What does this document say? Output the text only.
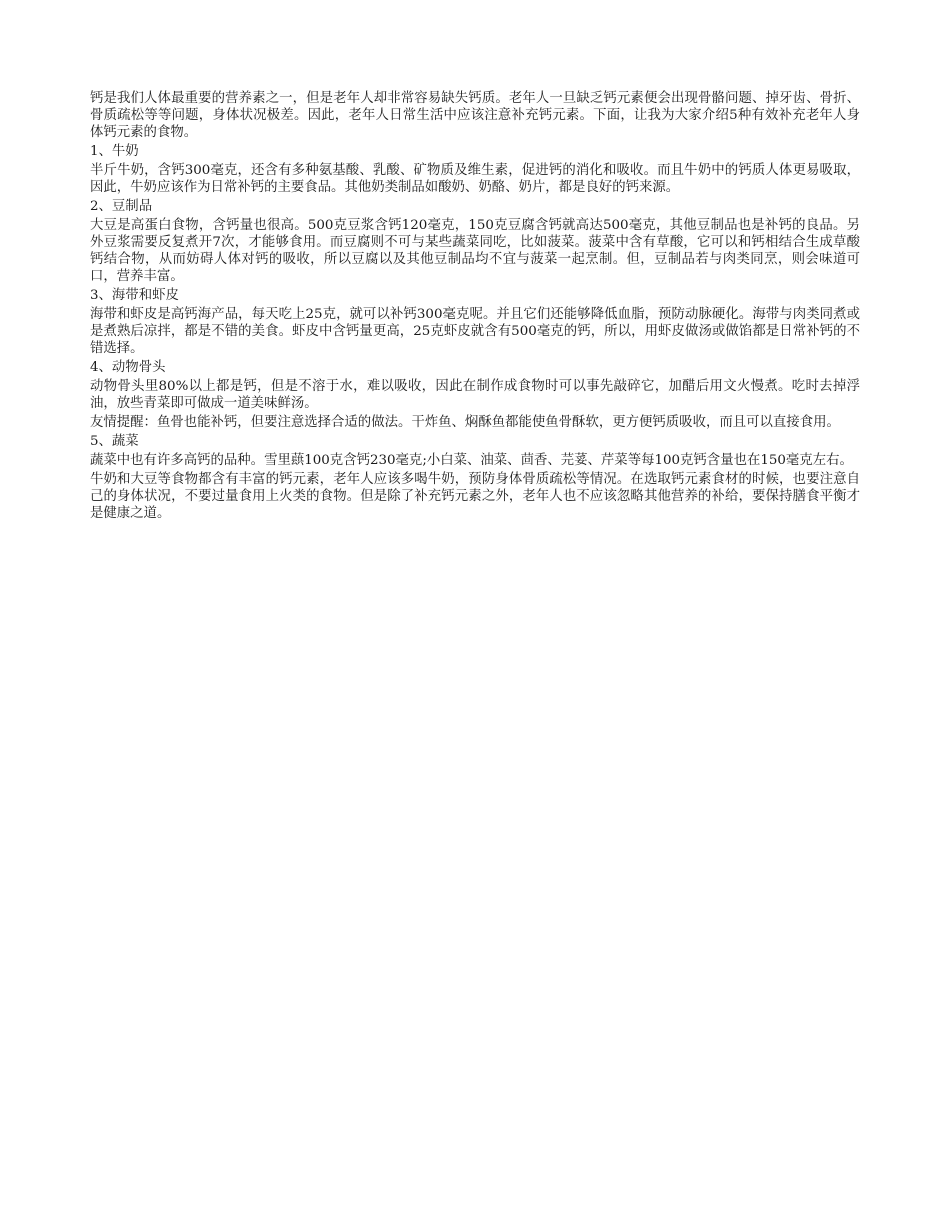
钙是我们人体最重要的营养素之一，但是老年人却非常容易缺失钙质。老年人一旦缺乏钙元素便会出现骨骼问题、掉牙齿、骨折、骨质疏松等等问题，身体状况极差。因此，老年人日常生活中应该注意补充钙元素。下面，让我为大家介绍5种有效补充老年人身体钙元素的食物。

1、牛奶

半斤牛奶，含钙300毫克，还含有多种氨基酸、乳酸、矿物质及维生素，促进钙的消化和吸收。而且牛奶中的钙质人体更易吸取，因此，牛奶应该作为日常补钙的主要食品。其他奶类制品如酸奶、奶酪、奶片，都是良好的钙来源。

2、豆制品

大豆是高蛋白食物，含钙量也很高。500克豆浆含钙120毫克，150克豆腐含钙就高达500毫克，其他豆制品也是补钙的良品。另外豆浆需要反复煮开7次，才能够食用。而豆腐则不可与某些蔬菜同吃，比如菠菜。菠菜中含有草酸，它可以和钙相结合生成草酸钙结合物，从而妨碍人体对钙的吸收，所以豆腐以及其他豆制品均不宜与菠菜一起烹制。但，豆制品若与肉类同烹，则会味道可口，营养丰富。

3、海带和虾皮

海带和虾皮是高钙海产品，每天吃上25克，就可以补钙300毫克呢。并且它们还能够降低血脂，预防动脉硬化。海带与肉类同煮或是煮熟后凉拌，都是不错的美食。虾皮中含钙量更高，25克虾皮就含有500毫克的钙，所以，用虾皮做汤或做馅都是日常补钙的不错选择。

4、动物骨头

动物骨头里80%以上都是钙，但是不溶于水，难以吸收，因此在制作成食物时可以事先敲碎它，加醋后用文火慢煮。吃时去掉浮油，放些青菜即可做成一道美味鲜汤。

友情提醒：鱼骨也能补钙，但要注意选择合适的做法。干炸鱼、焖酥鱼都能使鱼骨酥软，更方便钙质吸收，而且可以直接食用。

5、蔬菜

蔬菜中也有许多高钙的品种。雪里蕻100克含钙230毫克;小白菜、油菜、茴香、芫荽、芹菜等每100克钙含量也在150毫克左右。

牛奶和大豆等食物都含有丰富的钙元素，老年人应该多喝牛奶，预防身体骨质疏松等情况。在选取钙元素食材的时候，也要注意自己的身体状况，不要过量食用上火类的食物。但是除了补充钙元素之外，老年人也不应该忽略其他营养的补给，要保持膳食平衡才是健康之道。
